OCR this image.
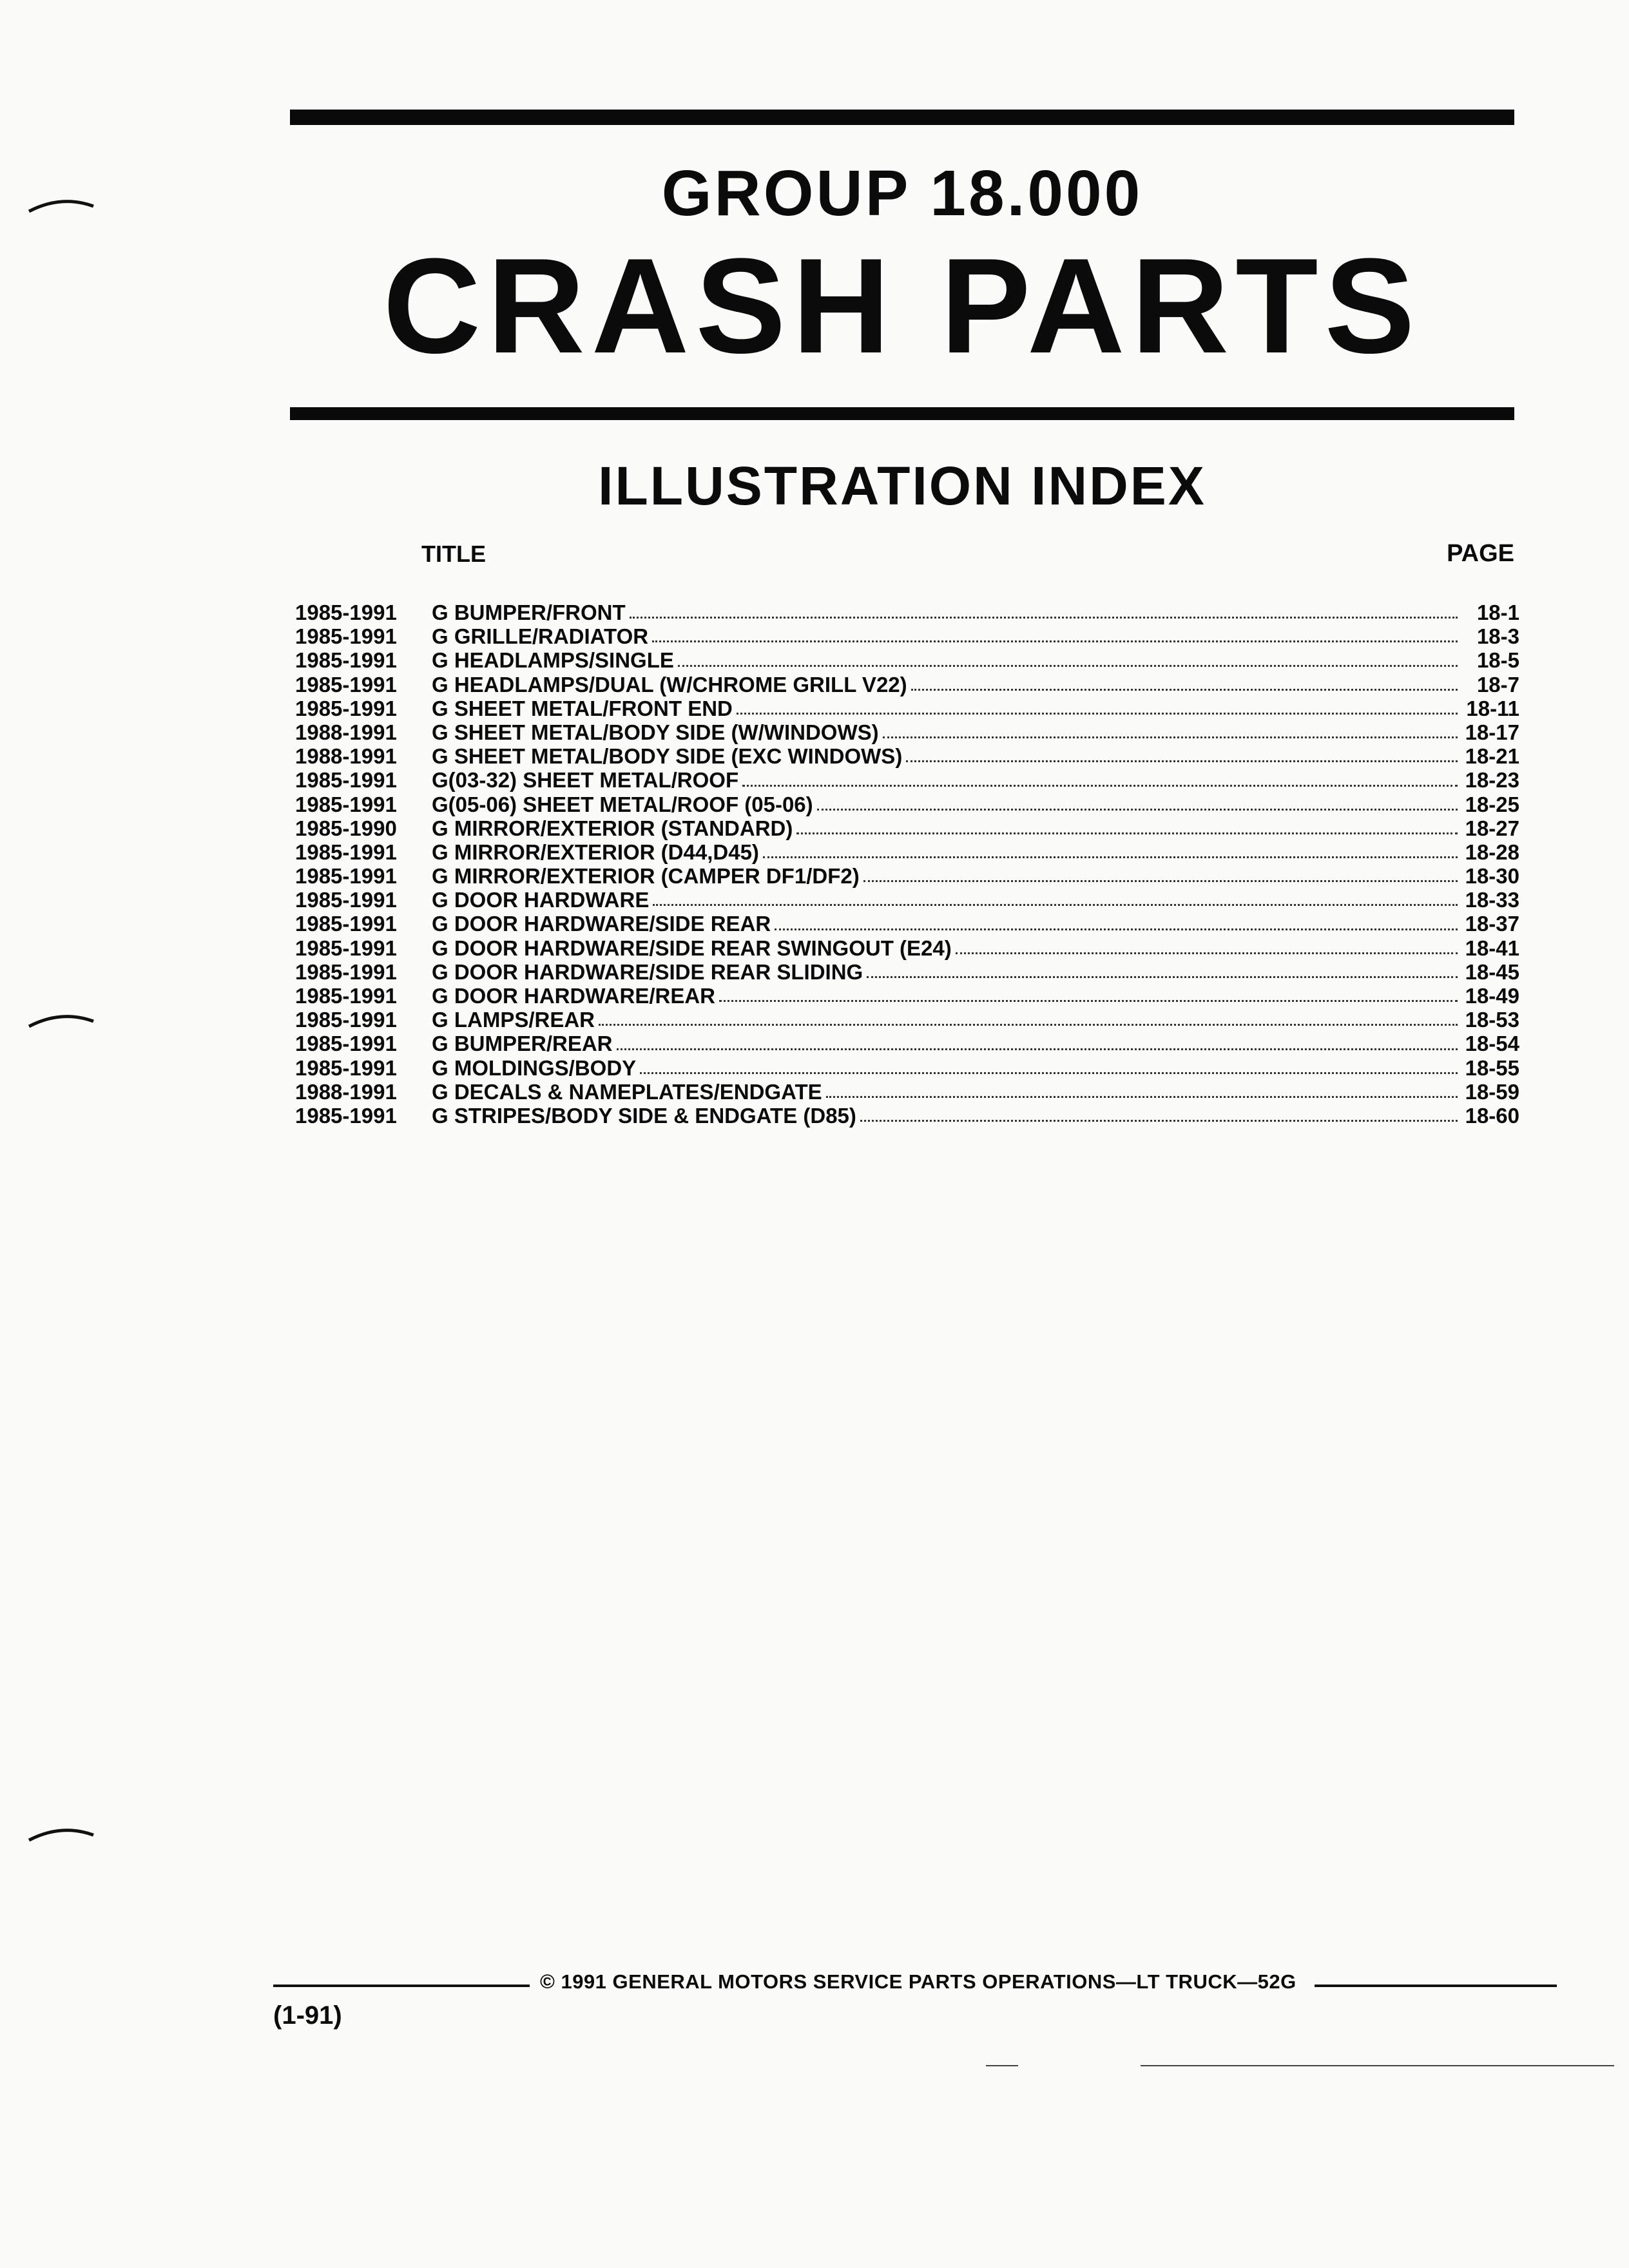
GROUP 18.000
CRASH PARTS
ILLUSTRATION INDEX
TITLE	PAGE
1985-1991	G BUMPER/FRONT	18-1
1985-1991	G GRILLE/RADIATOR	18-3
1985-1991	G HEADLAMPS/SINGLE	18-5
1985-1991	G HEADLAMPS/DUAL (W/CHROME GRILL V22)	18-7
1985-1991	G SHEET METAL/FRONT END	18-11
1988-1991	G SHEET METAL/BODY SIDE (W/WINDOWS)	18-17
1988-1991	G SHEET METAL/BODY SIDE (EXC WINDOWS)	18-21
1985-1991	G(03-32) SHEET METAL/ROOF	18-23
1985-1991	G(05-06) SHEET METAL/ROOF (05-06)	18-25
1985-1990	G MIRROR/EXTERIOR (STANDARD)	18-27
1985-1991	G MIRROR/EXTERIOR (D44,D45)	18-28
1985-1991	G MIRROR/EXTERIOR (CAMPER DF1/DF2)	18-30
1985-1991	G DOOR HARDWARE	18-33
1985-1991	G DOOR HARDWARE/SIDE REAR	18-37
1985-1991	G DOOR HARDWARE/SIDE REAR SWINGOUT (E24)	18-41
1985-1991	G DOOR HARDWARE/SIDE REAR SLIDING	18-45
1985-1991	G DOOR HARDWARE/REAR	18-49
1985-1991	G LAMPS/REAR	18-53
1985-1991	G BUMPER/REAR	18-54
1985-1991	G MOLDINGS/BODY	18-55
1988-1991	G DECALS & NAMEPLATES/ENDGATE	18-59
1985-1991	G STRIPES/BODY SIDE & ENDGATE (D85)	18-60
© 1991 GENERAL MOTORS SERVICE PARTS OPERATIONS—LT TRUCK—52G
(1-91)
